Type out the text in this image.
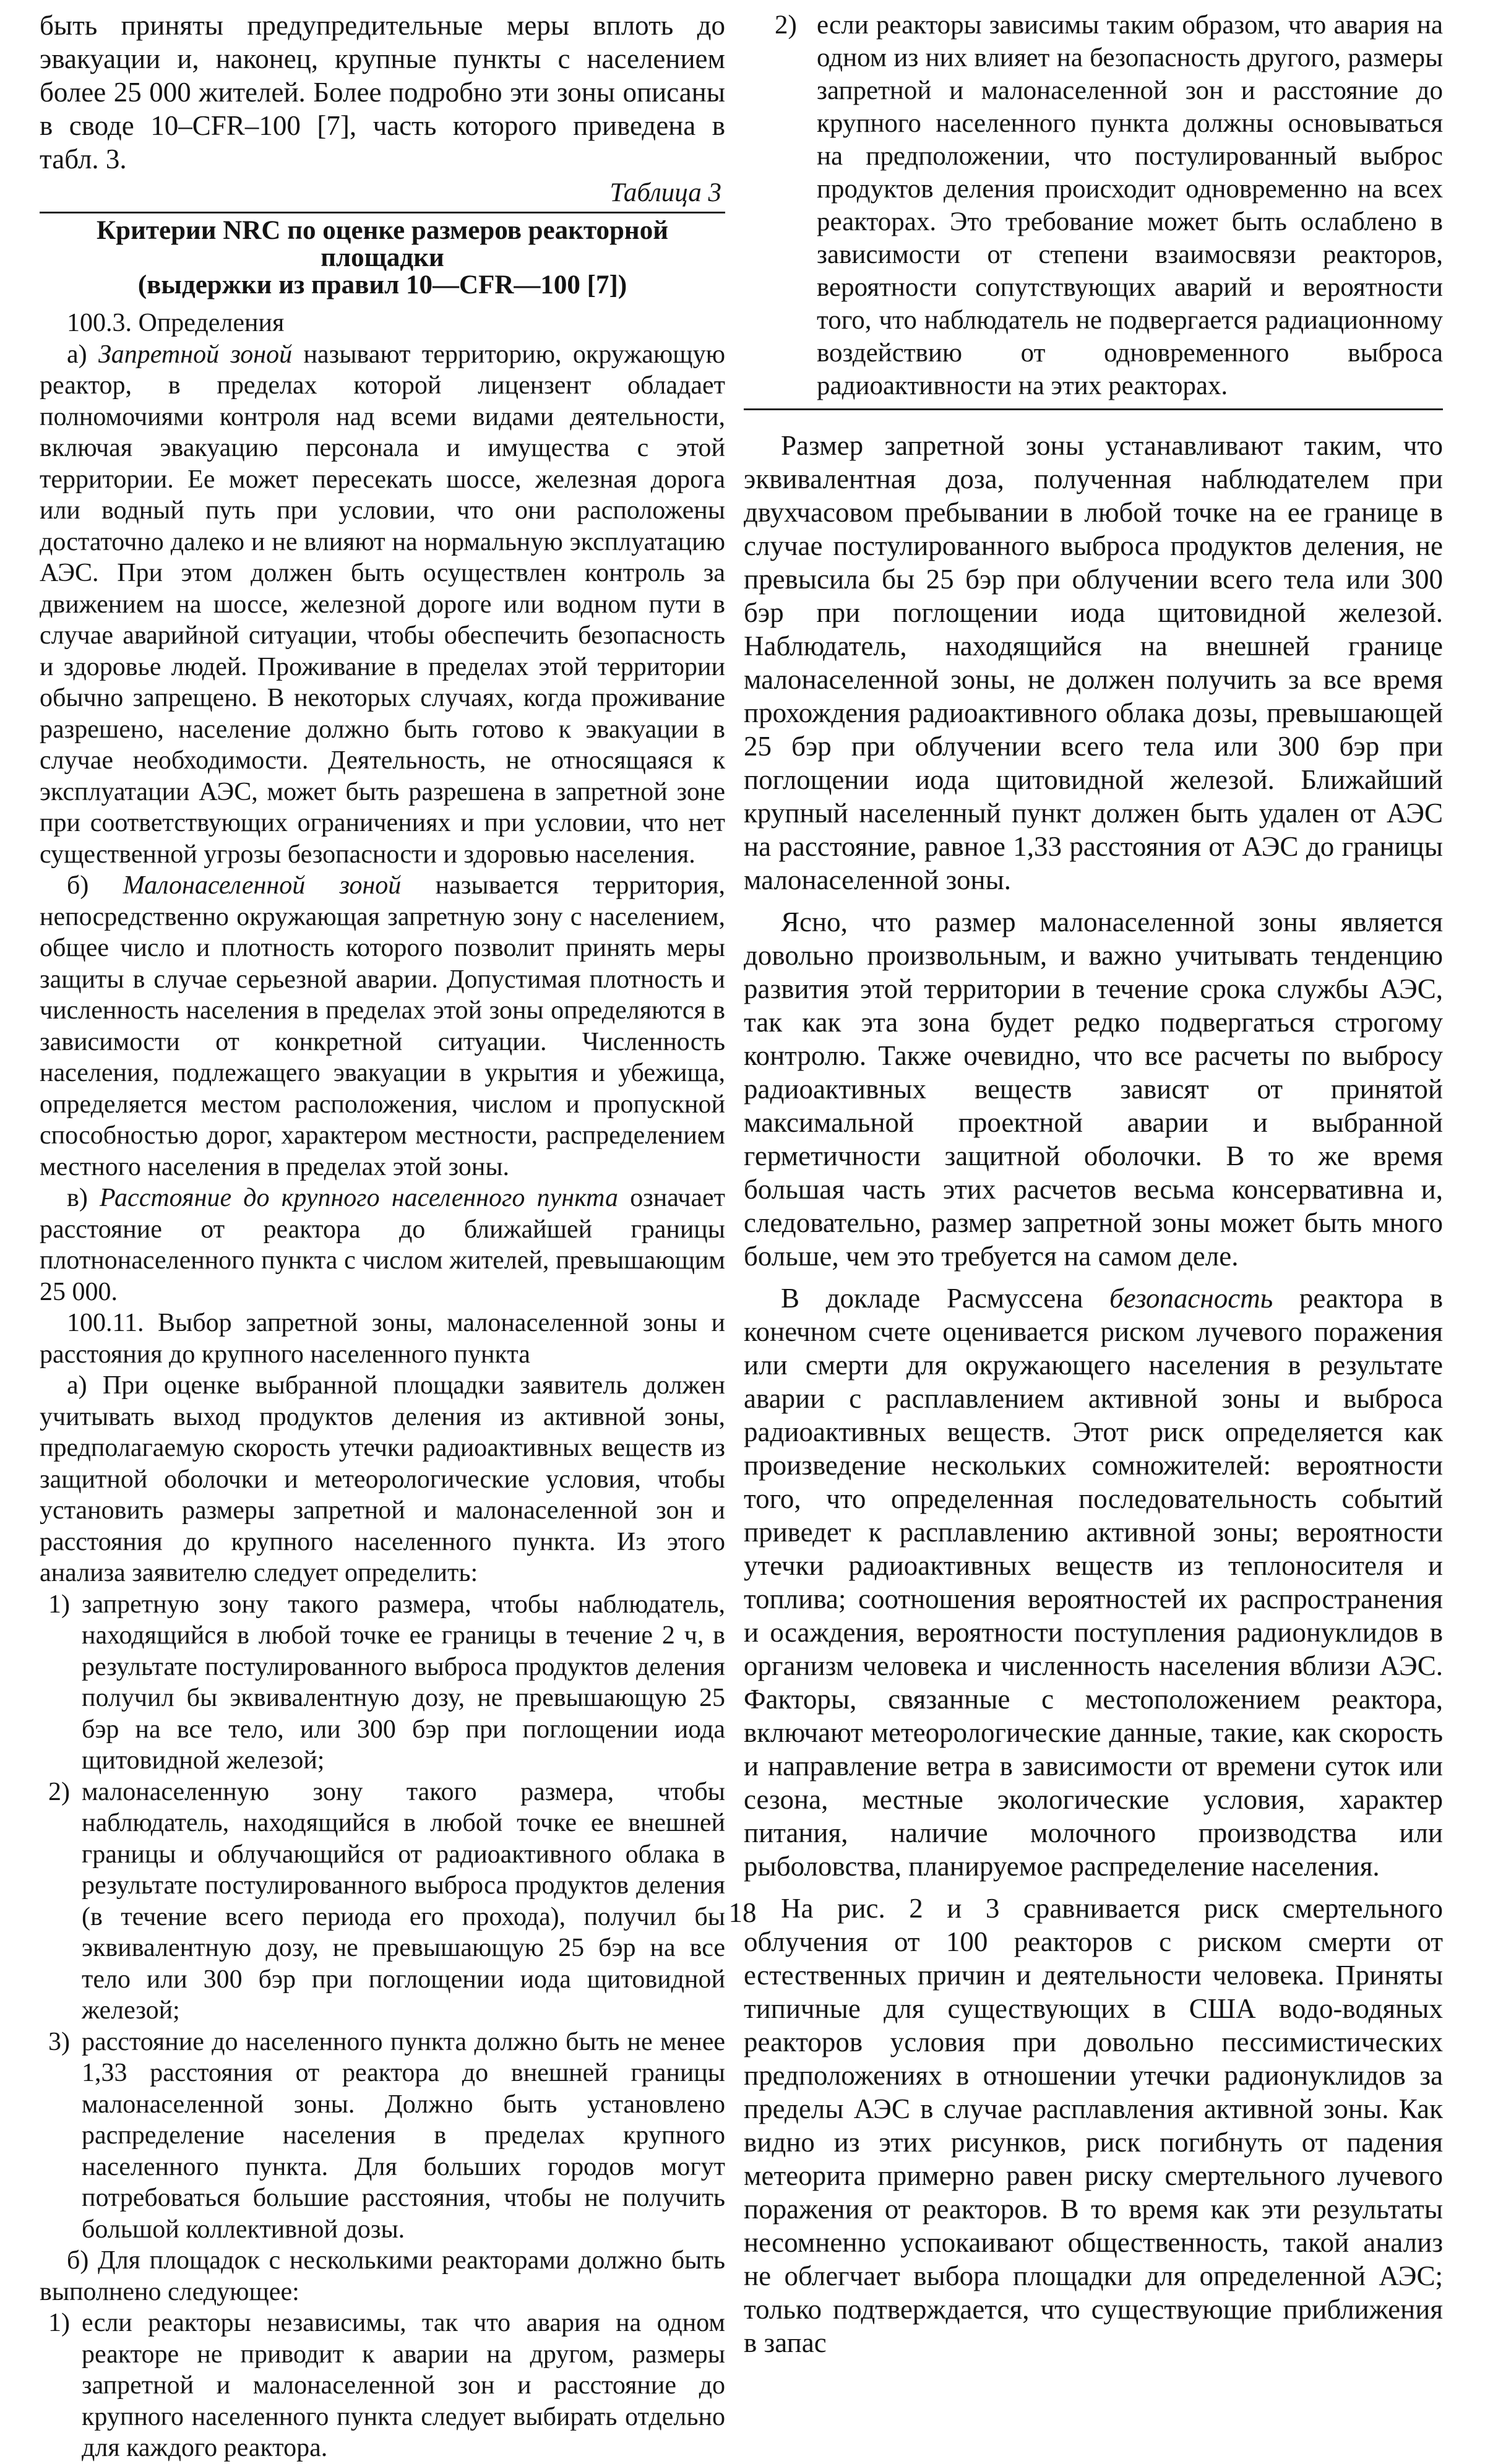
быть приняты предупредительные меры вплоть до эвакуации и, наконец, крупные пункты с населением более 25 000 жителей. Более подробно эти зоны описаны в своде 10–CFR–100 [7], часть которого приведена в табл. 3.

Таблица 3

Критерии NRC по оценке размеров реакторной площадки
(выдержки из правил 10—CFR—100 [7])

100.3. Определения

а) Запретной зоной называют территорию, окружающую реактор, в пределах которой лицензент обладает полномочиями контроля над всеми видами деятельности, включая эвакуацию персонала и имущества с этой территории. Ее может пересекать шоссе, железная дорога или водный путь при условии, что они расположены достаточно далеко и не влияют на нормальную эксплуатацию АЭС. При этом должен быть осуществлен контроль за движением на шоссе, железной дороге или водном пути в случае аварийной ситуации, чтобы обеспечить безопасность и здоровье людей. Проживание в пределах этой территории обычно запрещено. В некоторых случаях, когда проживание разрешено, население должно быть готово к эвакуации в случае необходимости. Деятельность, не относящаяся к эксплуатации АЭС, может быть разрешена в запретной зоне при соответствующих ограничениях и при условии, что нет существенной угрозы безопасности и здоровью населения.

б) Малонаселенной зоной называется территория, непосредственно окружающая запретную зону с населением, общее число и плотность которого позволит принять меры защиты в случае серьезной аварии. Допустимая плотность и численность населения в пределах этой зоны определяются в зависимости от конкретной ситуации. Численность населения, подлежащего эвакуации в укрытия и убежища, определяется местом расположения, числом и пропускной способностью дорог, характером местности, распределением местного населения в пределах этой зоны.

в) Расстояние до крупного населенного пункта означает расстояние от реактора до ближайшей границы плотнонаселенного пункта с числом жителей, превышающим 25 000.

100.11. Выбор запретной зоны, малонаселенной зоны и расстояния до крупного населенного пункта

а) При оценке выбранной площадки заявитель должен учитывать выход продуктов деления из активной зоны, предполагаемую скорость утечки радиоактивных веществ из защитной оболочки и метеорологические условия, чтобы установить размеры запретной и малонаселенной зон и расстояния до крупного населенного пункта. Из этого анализа заявителю следует определить:

1) запретную зону такого размера, чтобы наблюдатель, находящийся в любой точке ее границы в течение 2 ч, в результате постулированного выброса продуктов деления получил бы эквивалентную дозу, не превышающую 25 бэр на все тело, или 300 бэр при поглощении иода щитовидной железой;
2) малонаселенную зону такого размера, чтобы наблюдатель, находящийся в любой точке ее внешней границы и облучающийся от радиоактивного облака в результате постулированного выброса продуктов деления (в течение всего периода его прохода), получил бы эквивалентную дозу, не превышающую 25 бэр на все тело или 300 бэр при поглощении иода щитовидной железой;
3) расстояние до населенного пункта должно быть не менее 1,33 расстояния от реактора до внешней границы малонаселенной зоны. Должно быть установлено распределение населения в пределах крупного населенного пункта. Для больших городов могут потребоваться большие расстояния, чтобы не получить большой коллективной дозы.

б) Для площадок с несколькими реакторами должно быть выполнено следующее:

1) если реакторы независимы, так что авария на одном реакторе не приводит к аварии на другом, размеры запретной и малонаселенной зон и расстояние до крупного населенного пункта следует выбирать отдельно для каждого реактора.
2) если реакторы зависимы таким образом, что авария на одном из них влияет на безопасность другого, размеры запретной и малонаселенной зон и расстояние до крупного населенного пункта должны основываться на предположении, что постулированный выброс продуктов деления происходит одновременно на всех реакторах. Это требование может быть ослаблено в зависимости от степени взаимосвязи реакторов, вероятности сопутствующих аварий и вероятности того, что наблюдатель не подвергается радиационному воздействию от одновременного выброса радиоактивности на этих реакторах.

Размер запретной зоны устанавливают таким, что эквивалентная доза, полученная наблюдателем при двухчасовом пребывании в любой точке на ее границе в случае постулированного выброса продуктов деления, не превысила бы 25 бэр при облучении всего тела или 300 бэр при поглощении иода щитовидной железой. Наблюдатель, находящийся на внешней границе малонаселенной зоны, не должен получить за все время прохождения радиоактивного облака дозы, превышающей 25 бэр при облучении всего тела или 300 бэр при поглощении иода щитовидной железой. Ближайший крупный населенный пункт должен быть удален от АЭС на расстояние, равное 1,33 расстояния от АЭС до границы малонаселенной зоны.

Ясно, что размер малонаселенной зоны является довольно произвольным, и важно учитывать тенденцию развития этой территории в течение срока службы АЭС, так как эта зона будет редко подвергаться строгому контролю. Также очевидно, что все расчеты по выбросу радиоактивных веществ зависят от принятой максимальной проектной аварии и выбранной герметичности защитной оболочки. В то же время большая часть этих расчетов весьма консервативна и, следовательно, размер запретной зоны может быть много больше, чем это требуется на самом деле.

В докладе Расмуссена безопасность реактора в конечном счете оценивается риском лучевого поражения или смерти для окружающего населения в результате аварии с расплавлением активной зоны и выброса радиоактивных веществ. Этот риск определяется как произведение нескольких сомножителей: вероятности того, что определенная последовательность событий приведет к расплавлению активной зоны; вероятности утечки радиоактивных веществ из теплоносителя и топлива; соотношения вероятностей их распространения и осаждения, вероятности поступления радионуклидов в организм человека и численность населения вблизи АЭС. Факторы, связанные с местоположением реактора, включают метеорологические данные, такие, как скорость и направление ветра в зависимости от времени суток или сезона, местные экологические условия, характер питания, наличие молочного производства или рыболовства, планируемое распределение населения.

На рис. 2 и 3 сравнивается риск смертельного облучения от 100 реакторов с риском смерти от естественных причин и деятельности человека. Приняты типичные для существующих в США водо-водяных реакторов условия при довольно пессимистических предположениях в отношении утечки радионуклидов за пределы АЭС в случае расплавления активной зоны. Как видно из этих рисунков, риск погибнуть от падения метеорита примерно равен риску смертельного лучевого поражения от реакторов. В то время как эти результаты несомненно успокаивают общественность, такой анализ не облегчает выбора площадки для определенной АЭС; только подтверждается, что существующие приближения в запас

18
